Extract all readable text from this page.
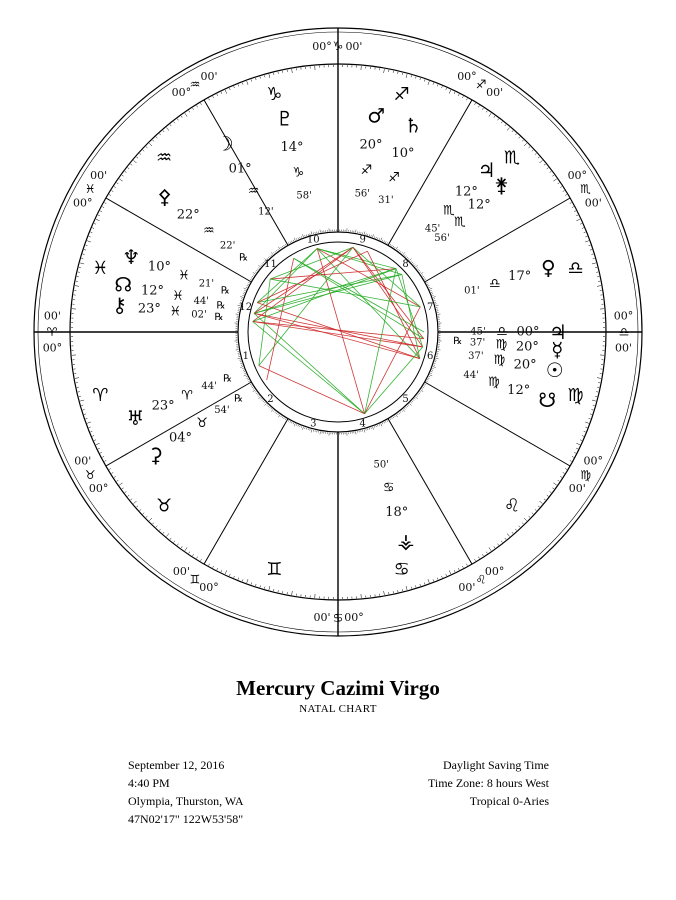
00°
♈
00'
00°
♉
00'
00°
♊
00'
00°
♋
00'
00°
♌
00'
00°
♍
00'
00°
♎
00'
00°
♏
00'
00°
♐
00'
00° ♑ 00'
00°
♒
00'
00°
♓
00'
♇
14°
♑
58'
♂
20°
♐
56'
♄
10°
♐
31'
☽
01°
♒
12'
⚴
22°
♒
22'
℞
♆ 10°
♓
21'
℞
☊ 12° ♓ 44' ℞
⚷ 23° ♓ 02' ℞
⚵
12°
♏
56'
♃
12°
♏
45'
♀
17°
♎
01'
♃
00°
♎
45'
☉
20°
♍
37'	☿
20°
♍
37'
℞
☋
12°
♍
44'
♅ 23°
♈
44'
℞
⚳
04°
♉
54'
℞
⚶
18°
♋
50'
1
♈	2
♉
3
♊
4
♋
5
♌
6
♍
7
♎
8
♏
9
♐
10
♑
11
♒
12
♓
Mercury Cazimi Virgo
NATAL CHART
September 12, 2016
4:40 PM
Olympia, Thurston, WA
47N02'17" 122W53'58"
Daylight Saving Time
Time Zone: 8 hours West
Tropical 0-Aries
